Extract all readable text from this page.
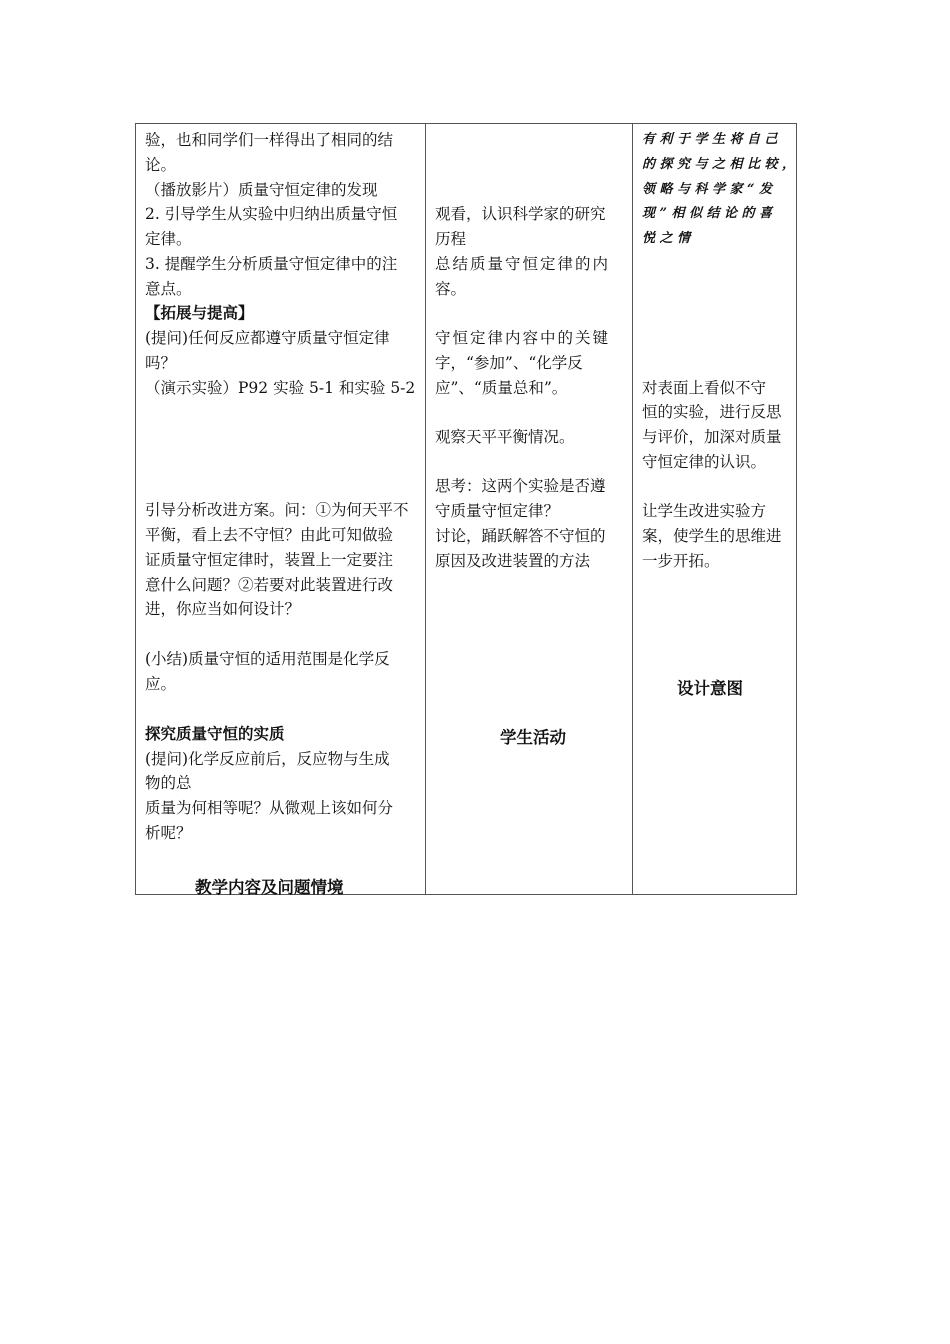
验，也和同学们一样得出了相同的结
论。
（播放影片）质量守恒定律的发现
2. 引导学生从实验中归纳出质量守恒
定律。
3. 提醒学生分析质量守恒定律中的注
意点。
【拓展与提高】
(提问)任何反应都遵守质量守恒定律
吗？
（演示实验）P92 实验 5-1 和实验 5-2
引导分析改进方案。问：①为何天平不
平衡，看上去不守恒？由此可知做验
证质量守恒定律时，装置上一定要注
意什么问题？②若要对此装置进行改
进，你应当如何设计？
(小结)质量守恒的适用范围是化学反
应。
探究质量守恒的实质
(提问)化学反应前后，反应物与生成
物的总
质量为何相等呢？从微观上该如何分
析呢？
教学内容及问题情境
观看，认识科学家的研究
历程
总结质量守恒定律的内
容。
守恒定律内容中的关键
字，“参加”、“化学反
应”、“质量总和”。
观察天平平衡情况。
思考：这两个实验是否遵
守质量守恒定律？
讨论，踊跃解答不守恒的
原因及改进装置的方法
学生活动
有利于学生将自己
的探究与之相比较，
领略与科学家“发
现”相似结论的喜
悦之情
对表面上看似不守
恒的实验，进行反思
与评价，加深对质量
守恒定律的认识。
让学生改进实验方
案，使学生的思维进
一步开拓。
设计意图
